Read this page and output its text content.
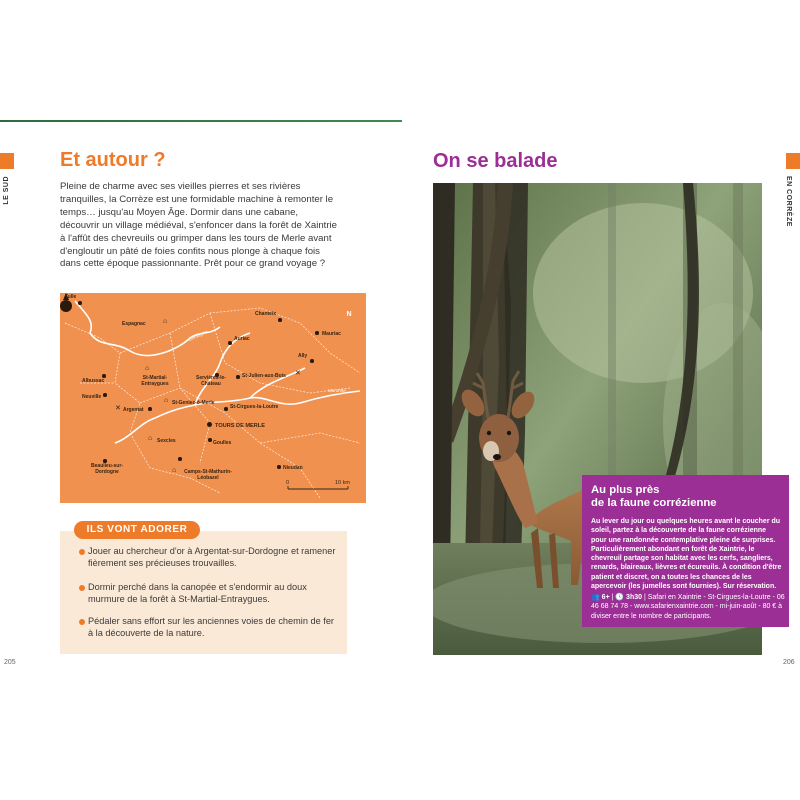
LE SUD
Et autour ?

Pleine de charme avec ses vieilles pierres et ses rivières tranquilles, la Corrèze est une formidable machine à remonter le temps… jusqu'au Moyen Âge. Dormir dans une cabane, découvrir un village médiéval, s'enfoncer dans la forêt de Xaintrie à l'affût des chevreuils ou grimper dans les tours de Merle avant d'engloutir un pâté de foies confits nous plonge à chaque fois dans cette époque passionnante. Prêt pour ce grand voyage ?

Dordogne
Maronne
N
Tulle
⌂
Espagnac
Chanteix
Mauriac
Auriac
Ally
⌂
St-Martial-Entraygues
Albussac	Servières-le-Château
✕
St-Julien-aux-Bois
Neuville
✕ Argentat
⌂ St-Geniez-ô-Merle
St-Cirgues-la-Loutre
TOURS DE MERLE
⌂ Sexcles	Goulles
Beaulieu-sur-Dordogne	⌂	Camps-St-Mathurin-Léobazel
Nieudan
0	10 km

Jouer au chercheur d'or à Argentat-sur-Dordogne et ramener fièrement ses précieuses trouvailles.

Dormir perché dans la canopée et s'endormir au doux murmure de la forêt à St-Martial-Entraygues.

Pédaler sans effort sur les anciennes voies de chemin de fer à la découverte de la nature.

ILS VONT ADORER
205
EN CORRÈZE
On se balade

Au plus près
de la faune corrézienne

Au lever du jour ou quelques heures avant le coucher du soleil, partez à la découverte de la faune corrézienne pour une randonnée contemplative pleine de surprises. Particulièrement abondant en forêt de Xaintrie, le chevreuil partage son habitat avec les cerfs, sangliers, renards, blaireaux, lièvres et écureuils. À condition d'être patient et discret, on a toutes les chances de les apercevoir (les jumelles sont fournies). Sur réservation.

👥 6+ | 🕓 3h30 | Safari en Xaintrie - St-Cirgues-la-Loutre - 06 46 68 74 78 - www.safarienxaintrie.com - mi-juin-août - 80 € à diviser entre le nombre de participants.

206
